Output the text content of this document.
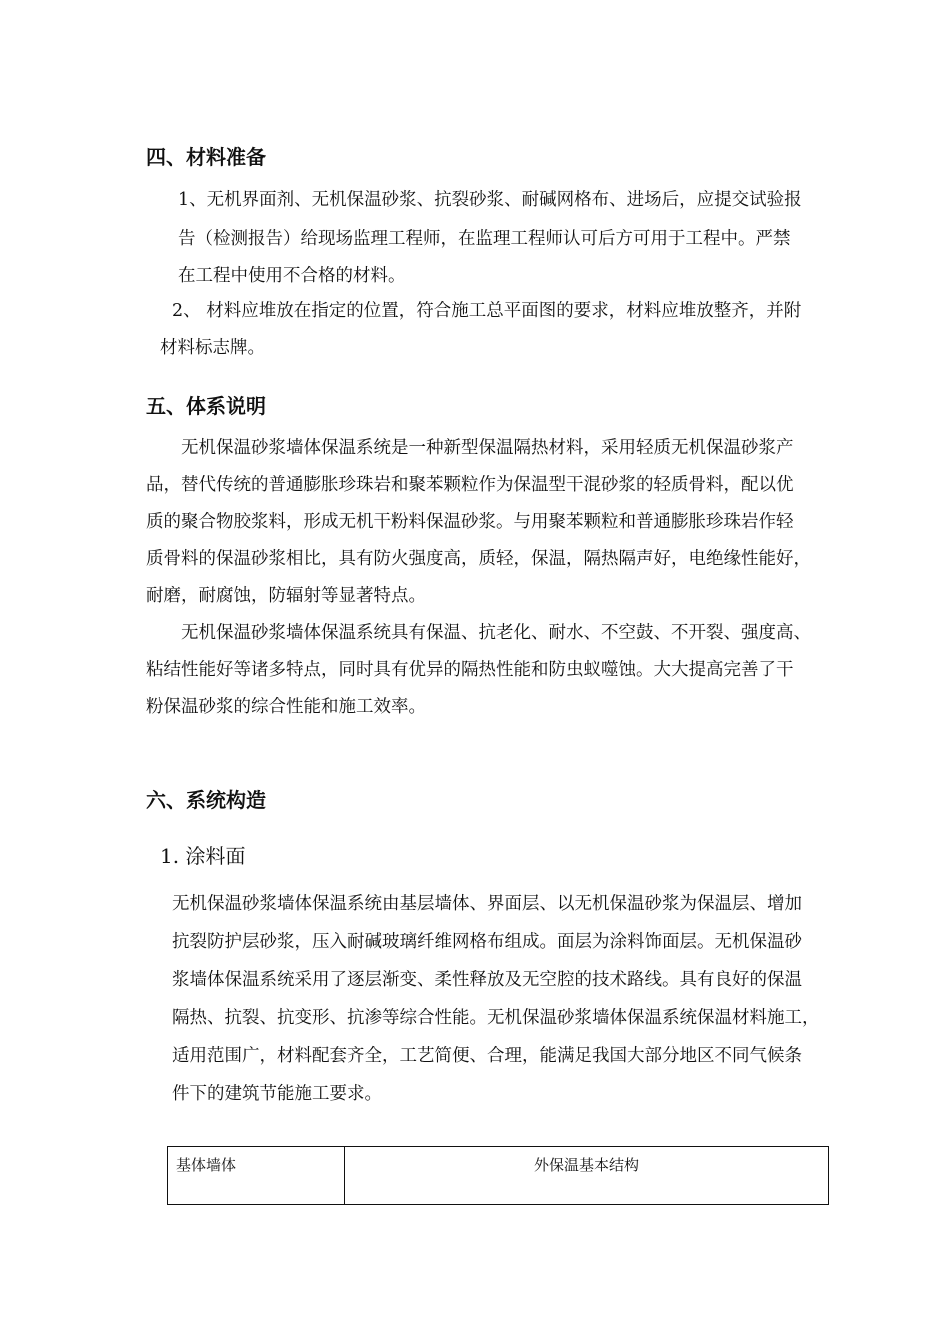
四、材料准备
1、无机界面剂、无机保温砂浆、抗裂砂浆、耐碱网格布、进场后，应提交试验报
告（检测报告）给现场监理工程师，在监理工程师认可后方可用于工程中。严禁
在工程中使用不合格的材料。
2、 材料应堆放在指定的位置，符合施工总平面图的要求，材料应堆放整齐，并附
材料标志牌。
五、体系说明
无机保温砂浆墙体保温系统是一种新型保温隔热材料，采用轻质无机保温砂浆产
品，替代传统的普通膨胀珍珠岩和聚苯颗粒作为保温型干混砂浆的轻质骨料，配以优
质的聚合物胶浆料，形成无机干粉料保温砂浆。与用聚苯颗粒和普通膨胀珍珠岩作轻
质骨料的保温砂浆相比，具有防火强度高，质轻，保温，隔热隔声好，电绝缘性能好，
耐磨，耐腐蚀，防辐射等显著特点。
无机保温砂浆墙体保温系统具有保温、抗老化、耐水、不空鼓、不开裂、强度高、
粘结性能好等诸多特点，同时具有优异的隔热性能和防虫蚁噬蚀。大大提高完善了干
粉保温砂浆的综合性能和施工效率。
六、系统构造
1. 涂料面
无机保温砂浆墙体保温系统由基层墙体、界面层、以无机保温砂浆为保温层、增加
抗裂防护层砂浆，压入耐碱玻璃纤维网格布组成。面层为涂料饰面层。无机保温砂
浆墙体保温系统采用了逐层渐变、柔性释放及无空腔的技术路线。具有良好的保温
隔热、抗裂、抗变形、抗渗等综合性能。无机保温砂浆墙体保温系统保温材料施工，
适用范围广，材料配套齐全，工艺简便、合理，能满足我国大部分地区不同气候条
件下的建筑节能施工要求。
基体墙体	外保温基本结构
